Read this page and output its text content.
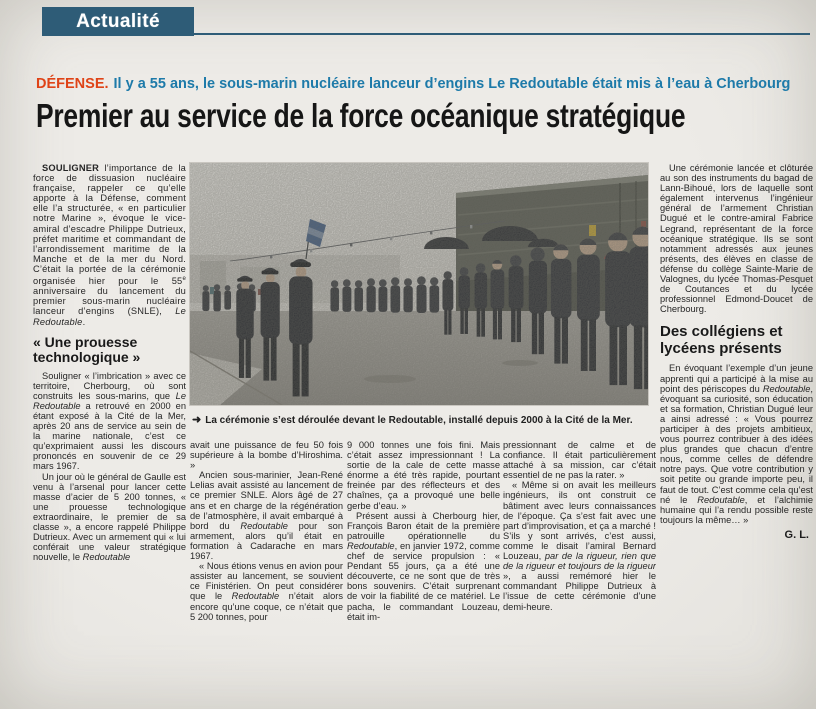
Actualité
DÉFENSE. Il y a 55 ans, le sous-marin nucléaire lanceur d’engins Le Redoutable était mis à l’eau à Cherbourg
Premier au service de la force océanique stratégique
➜ La cérémonie s’est déroulée devant le Redoutable, installé depuis 2000 à la Cité de la Mer.

SOULIGNER l’importance de la force de dissuasion nucléaire française, rappeler ce qu’elle apporte à la Défense, comment elle l’a structurée, « en particulier notre Marine », évoque le vice-amiral d’escadre Philippe Dutrieux, préfet maritime et commandant de l’arrondissement maritime de la Manche et de la mer du Nord. C’était la portée de la cérémonie organisée hier pour le 55e anniversaire du lancement du premier sous-marin nucléaire lanceur d’engins (SNLE), Le Redoutable.

« Une prouesse technologique »

Souligner « l’imbrication » avec ce territoire, Cherbourg, où sont construits les sous-marins, que Le Redoutable a retrouvé en 2000 en étant exposé à la Cité de la Mer, après 20 ans de service au sein de la marine nationale, c’est ce qu’exprimaient aussi les discours prononcés en souvenir de ce 29 mars 1967.

Un jour où le général de Gaulle est venu à l’arsenal pour lancer cette masse d’acier de 5 200 tonnes, « une prouesse technologique extraordinaire, le premier de sa classe », a encore rappelé Philippe Dutrieux. Avec un armement qui « lui conférait une valeur stratégique nouvelle, le Redoutable

avait une puissance de feu 50 fois supérieure à la bombe d’Hiroshima. »

Ancien sous-marinier, Jean-René Lelias avait assisté au lancement de ce premier SNLE. Alors âgé de 27 ans et en charge de la régénération de l’atmosphère, il avait embarqué à bord du Redoutable pour son armement, alors qu’il était en formation à Cadarache en mars 1967.

« Nous étions venus en avion pour assister au lancement, se souvient ce Finistérien. On peut considérer que le Redoutable n’était alors encore qu’une coque, ce n’était que 5 200 tonnes, pour

9 000 tonnes une fois fini. Mais c’était assez impressionnant ! La sortie de la cale de cette masse énorme a été très rapide, pourtant freinée par des réflecteurs et des chaînes, ça a provoqué une belle gerbe d’eau. »

Présent aussi à Cherbourg hier, François Baron était de la première patrouille opérationnelle du Redoutable, en janvier 1972, comme chef de service propulsion : « Pendant 55 jours, ça a été une découverte, ce ne sont que de très bons souvenirs. C’était surprenant de voir la fiabilité de ce matériel. Le pacha, le commandant Louzeau, était im-

pressionnant de calme et de confiance. Il était particulièrement attaché à sa mission, car c’était essentiel de ne pas la rater. »

« Même si on avait les meilleurs ingénieurs, ils ont construit ce bâtiment avec leurs connaissances de l’époque. Ça s’est fait avec une part d’improvisation, et ça a marché ! S’ils y sont arrivés, c’est aussi, comme le disait l’amiral Bernard Louzeau, par de la rigueur, rien que de la rigueur et toujours de la rigueur », a aussi remémoré hier le commandant Philippe Dutrieux à l’issue de cette cérémonie d’une demi-heure.

Une cérémonie lancée et clôturée au son des instruments du bagad de Lann-Bihoué, lors de laquelle sont également intervenus l’ingénieur général de l’armement Christian Dugué et le contre-amiral Fabrice Legrand, représentant de la force océanique stratégique. Ils se sont notamment adressés aux jeunes présents, des élèves en classe de défense du collège Sainte-Marie de Valognes, du lycée Thomas-Pesquet de Coutances et du lycée professionnel Edmond-Doucet de Cherbourg.

Des collégiens et lycéens présents

En évoquant l’exemple d’un jeune apprenti qui a participé à la mise au point des périscopes du Redoutable, évoquant sa curiosité, son éducation et sa formation, Christian Dugué leur a ainsi adressé : « Vous pourrez participer à des projets ambitieux, vous pourrez contribuer à des idées plus grandes que chacun d’entre nous, comme celles de défendre notre pays. Que votre contribution y soit petite ou grande importe peu, il faut de tout. C’est comme cela qu’est né le Redoutable, et l’alchimie humaine qui l’a rendu possible reste toujours la même… »

G. L.
